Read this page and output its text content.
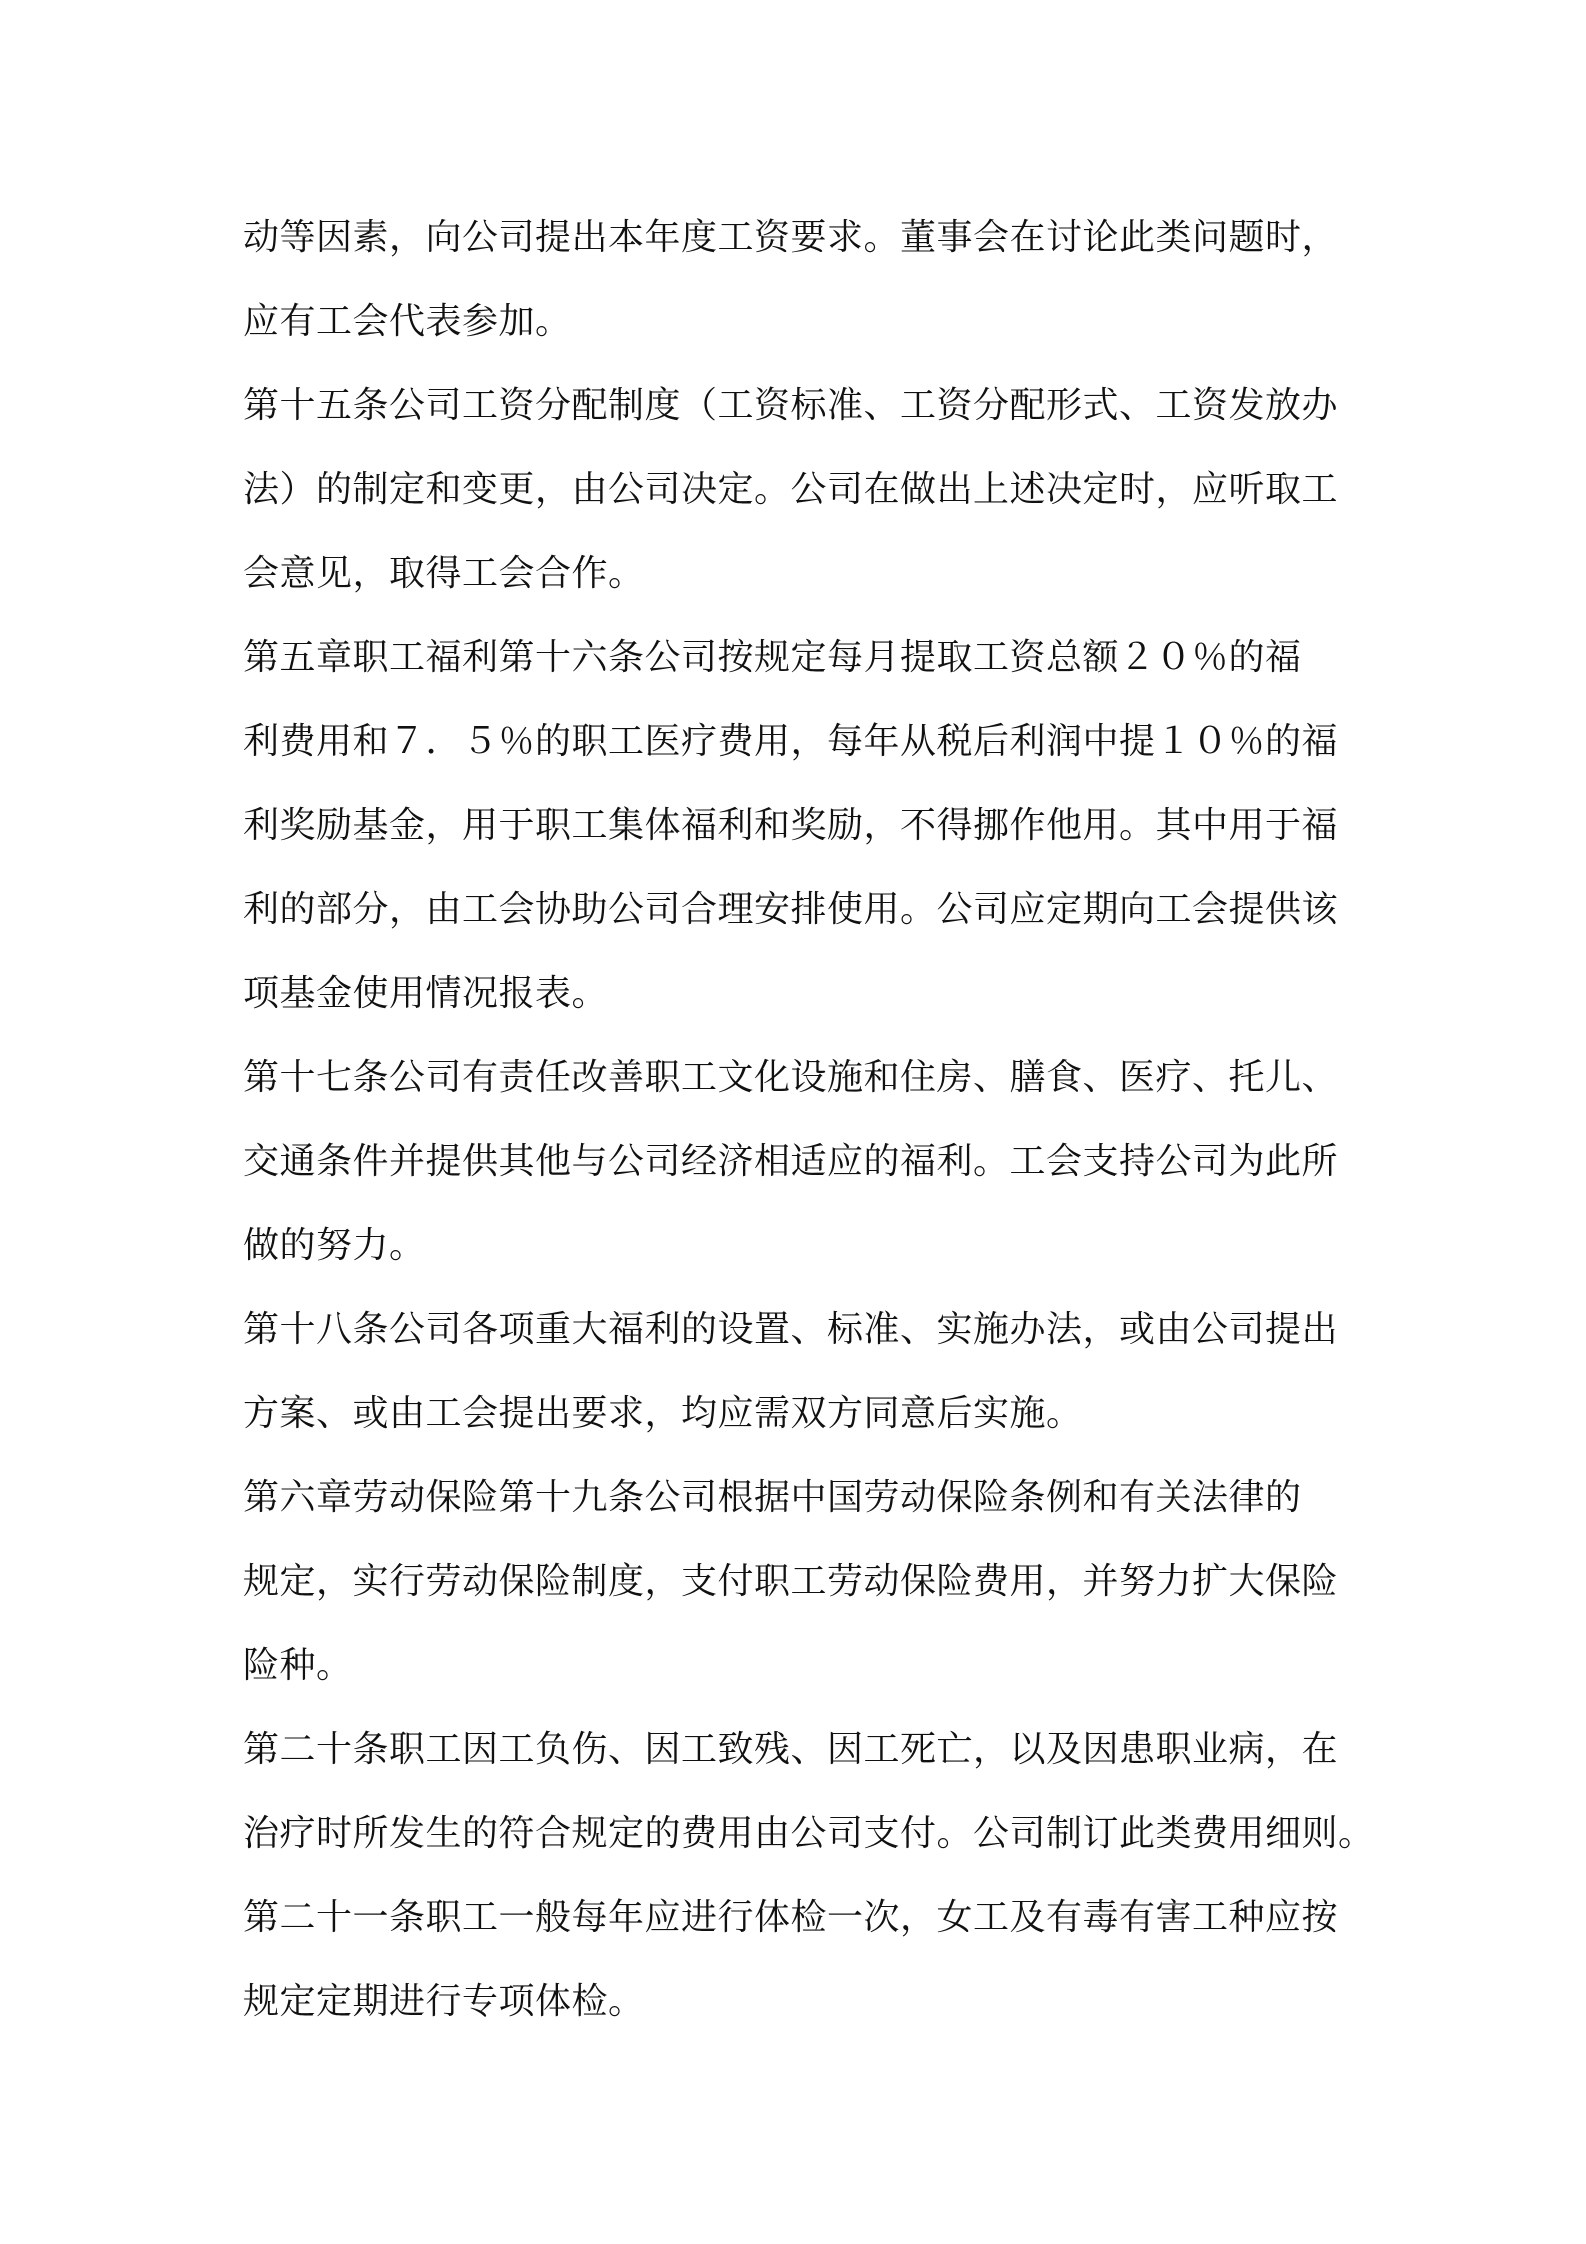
动等因素，向公司提出本年度工资要求。董事会在讨论此类问题时，
应有工会代表参加。
第十五条公司工资分配制度（工资标准、工资分配形式、工资发放办
法）的制定和变更，由公司决定。公司在做出上述决定时，应听取工
会意见，取得工会合作。
第五章职工福利第十六条公司按规定每月提取工资总额２０％的福
利费用和７．５％的职工医疗费用，每年从税后利润中提１０％的福
利奖励基金，用于职工集体福利和奖励，不得挪作他用。其中用于福
利的部分，由工会协助公司合理安排使用。公司应定期向工会提供该
项基金使用情况报表。
第十七条公司有责任改善职工文化设施和住房、膳食、医疗、托儿、
交通条件并提供其他与公司经济相适应的福利。工会支持公司为此所
做的努力。
第十八条公司各项重大福利的设置、标准、实施办法，或由公司提出
方案、或由工会提出要求，均应需双方同意后实施。
第六章劳动保险第十九条公司根据中国劳动保险条例和有关法律的
规定，实行劳动保险制度，支付职工劳动保险费用，并努力扩大保险
险种。
第二十条职工因工负伤、因工致残、因工死亡，以及因患职业病，在
治疗时所发生的符合规定的费用由公司支付。公司制订此类费用细则。
第二十一条职工一般每年应进行体检一次，女工及有毒有害工种应按
规定定期进行专项体检。
